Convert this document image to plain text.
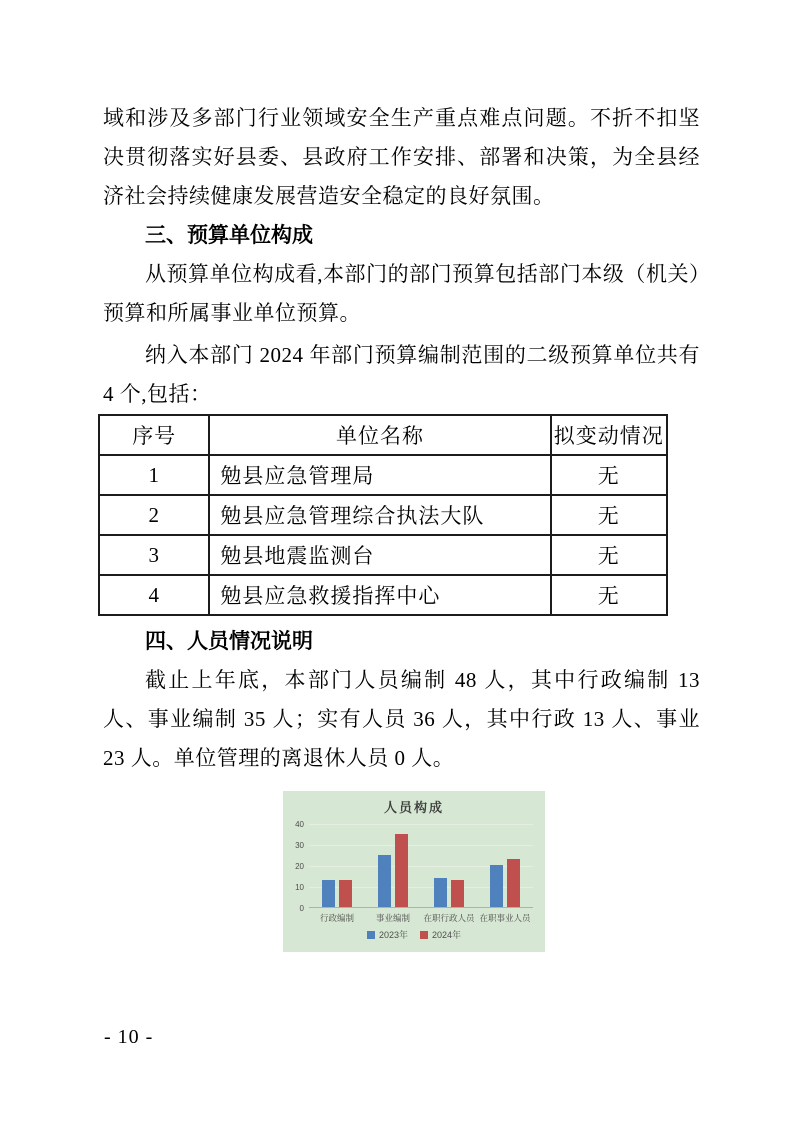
域和涉及多部门行业领域安全生产重点难点问题。不折不扣坚决贯彻落实好县委、县政府工作安排、部署和决策，为全县经济社会持续健康发展营造安全稳定的良好氛围。

三、预算单位构成

从预算单位构成看,本部门的部门预算包括部门本级（机关）预算和所属事业单位预算。

纳入本部门 2024 年部门预算编制范围的二级预算单位共有 4 个,包括：

序号	单位名称	拟变动情况
1	勉县应急管理局	无
2	勉县应急管理综合执法大队	无
3	勉县地震监测台	无
4	勉县应急救援指挥中心	无
四、人员情况说明

截止上年底，本部门人员编制 48 人，其中行政编制 13 人、事业编制 35 人；实有人员 36 人，其中行政 13 人、事业 23 人。单位管理的离退休人员 0 人。

人员构成
0
10
20
30
40
行政编制	事业编制	在职行政人员 在职事业人员
2023年	2024年
- 10 -
